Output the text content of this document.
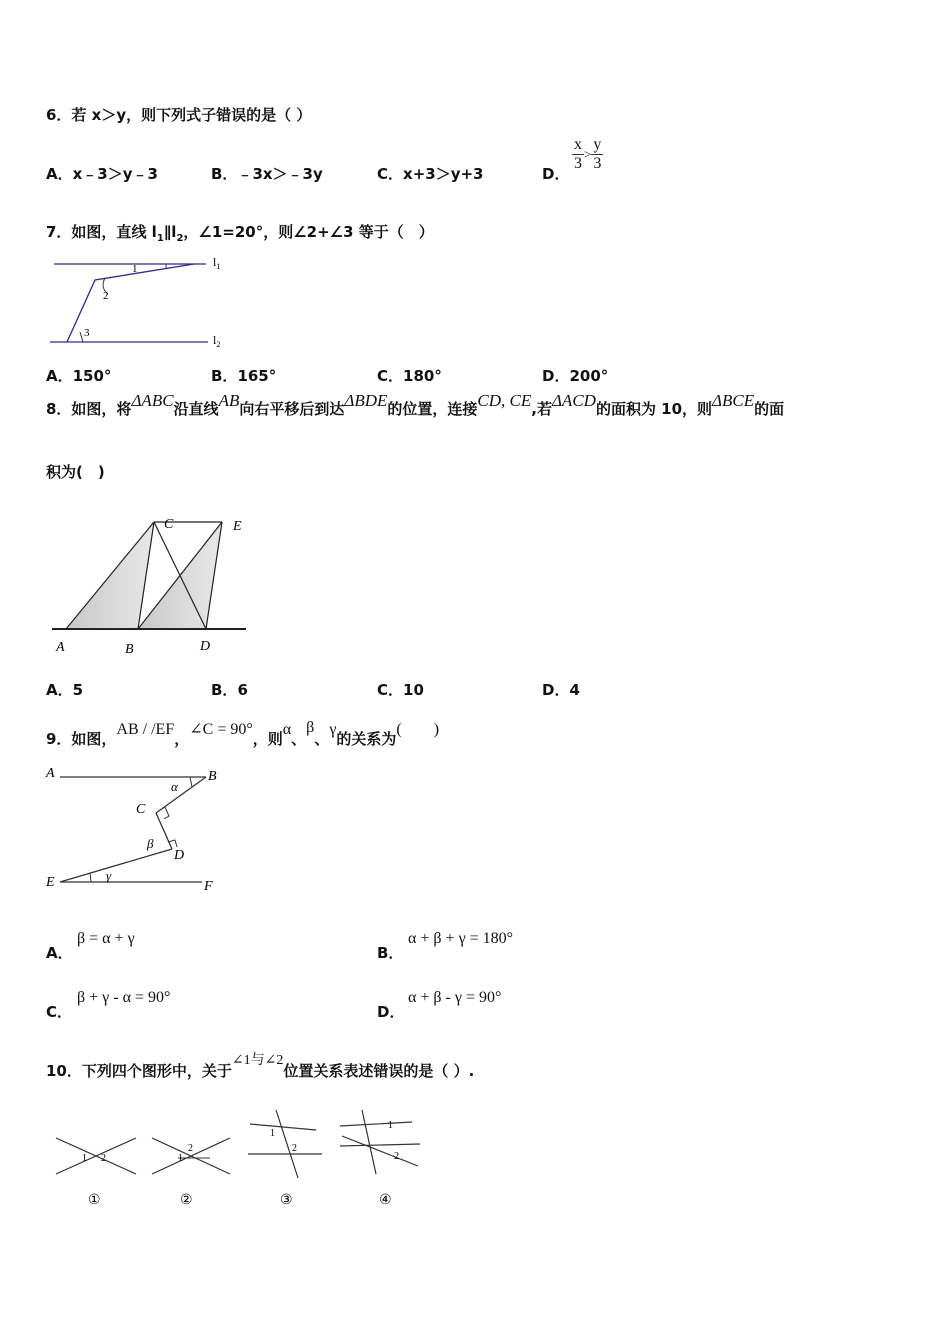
6．若 x＞y，则下列式子错误的是（ ）
A．x﹣3＞y﹣3	B．﹣3x＞﹣3y	C．x+3＞y+3	D．
$\frac{x}{3} > \frac{y}{3}$
7．如图，直线 $l_1\parallel l_2$，∠1=20°，则∠2+∠3 等于（　）
$l_1$
$l_2$
1
2
3
A．150°	B．165°	C．180°	D．200°
8．如图，将ΔABC沿直线AB向右平移后到达ΔBDE的位置，连接CD, CE,若ΔACD的面积为 10，则ΔBCE的面
积为(　)
A	B
C
D
E
A．5	B．6	C．10	D．4
9．如图，AB / /EF，∠C = 90°，则α、β、γ的关系为(　　)
A	B
C
D
E	F
α
β
γ
A．
β = α + γ
B．
α + β + γ = 180°
C．
β + γ - α = 90°
D．
α + β - γ = 90°
10．下列四个图形中，关于∠1与∠2位置关系表述错误的是（ ）.
1 2
①
1
2
②
1
2
③
1
2
④
